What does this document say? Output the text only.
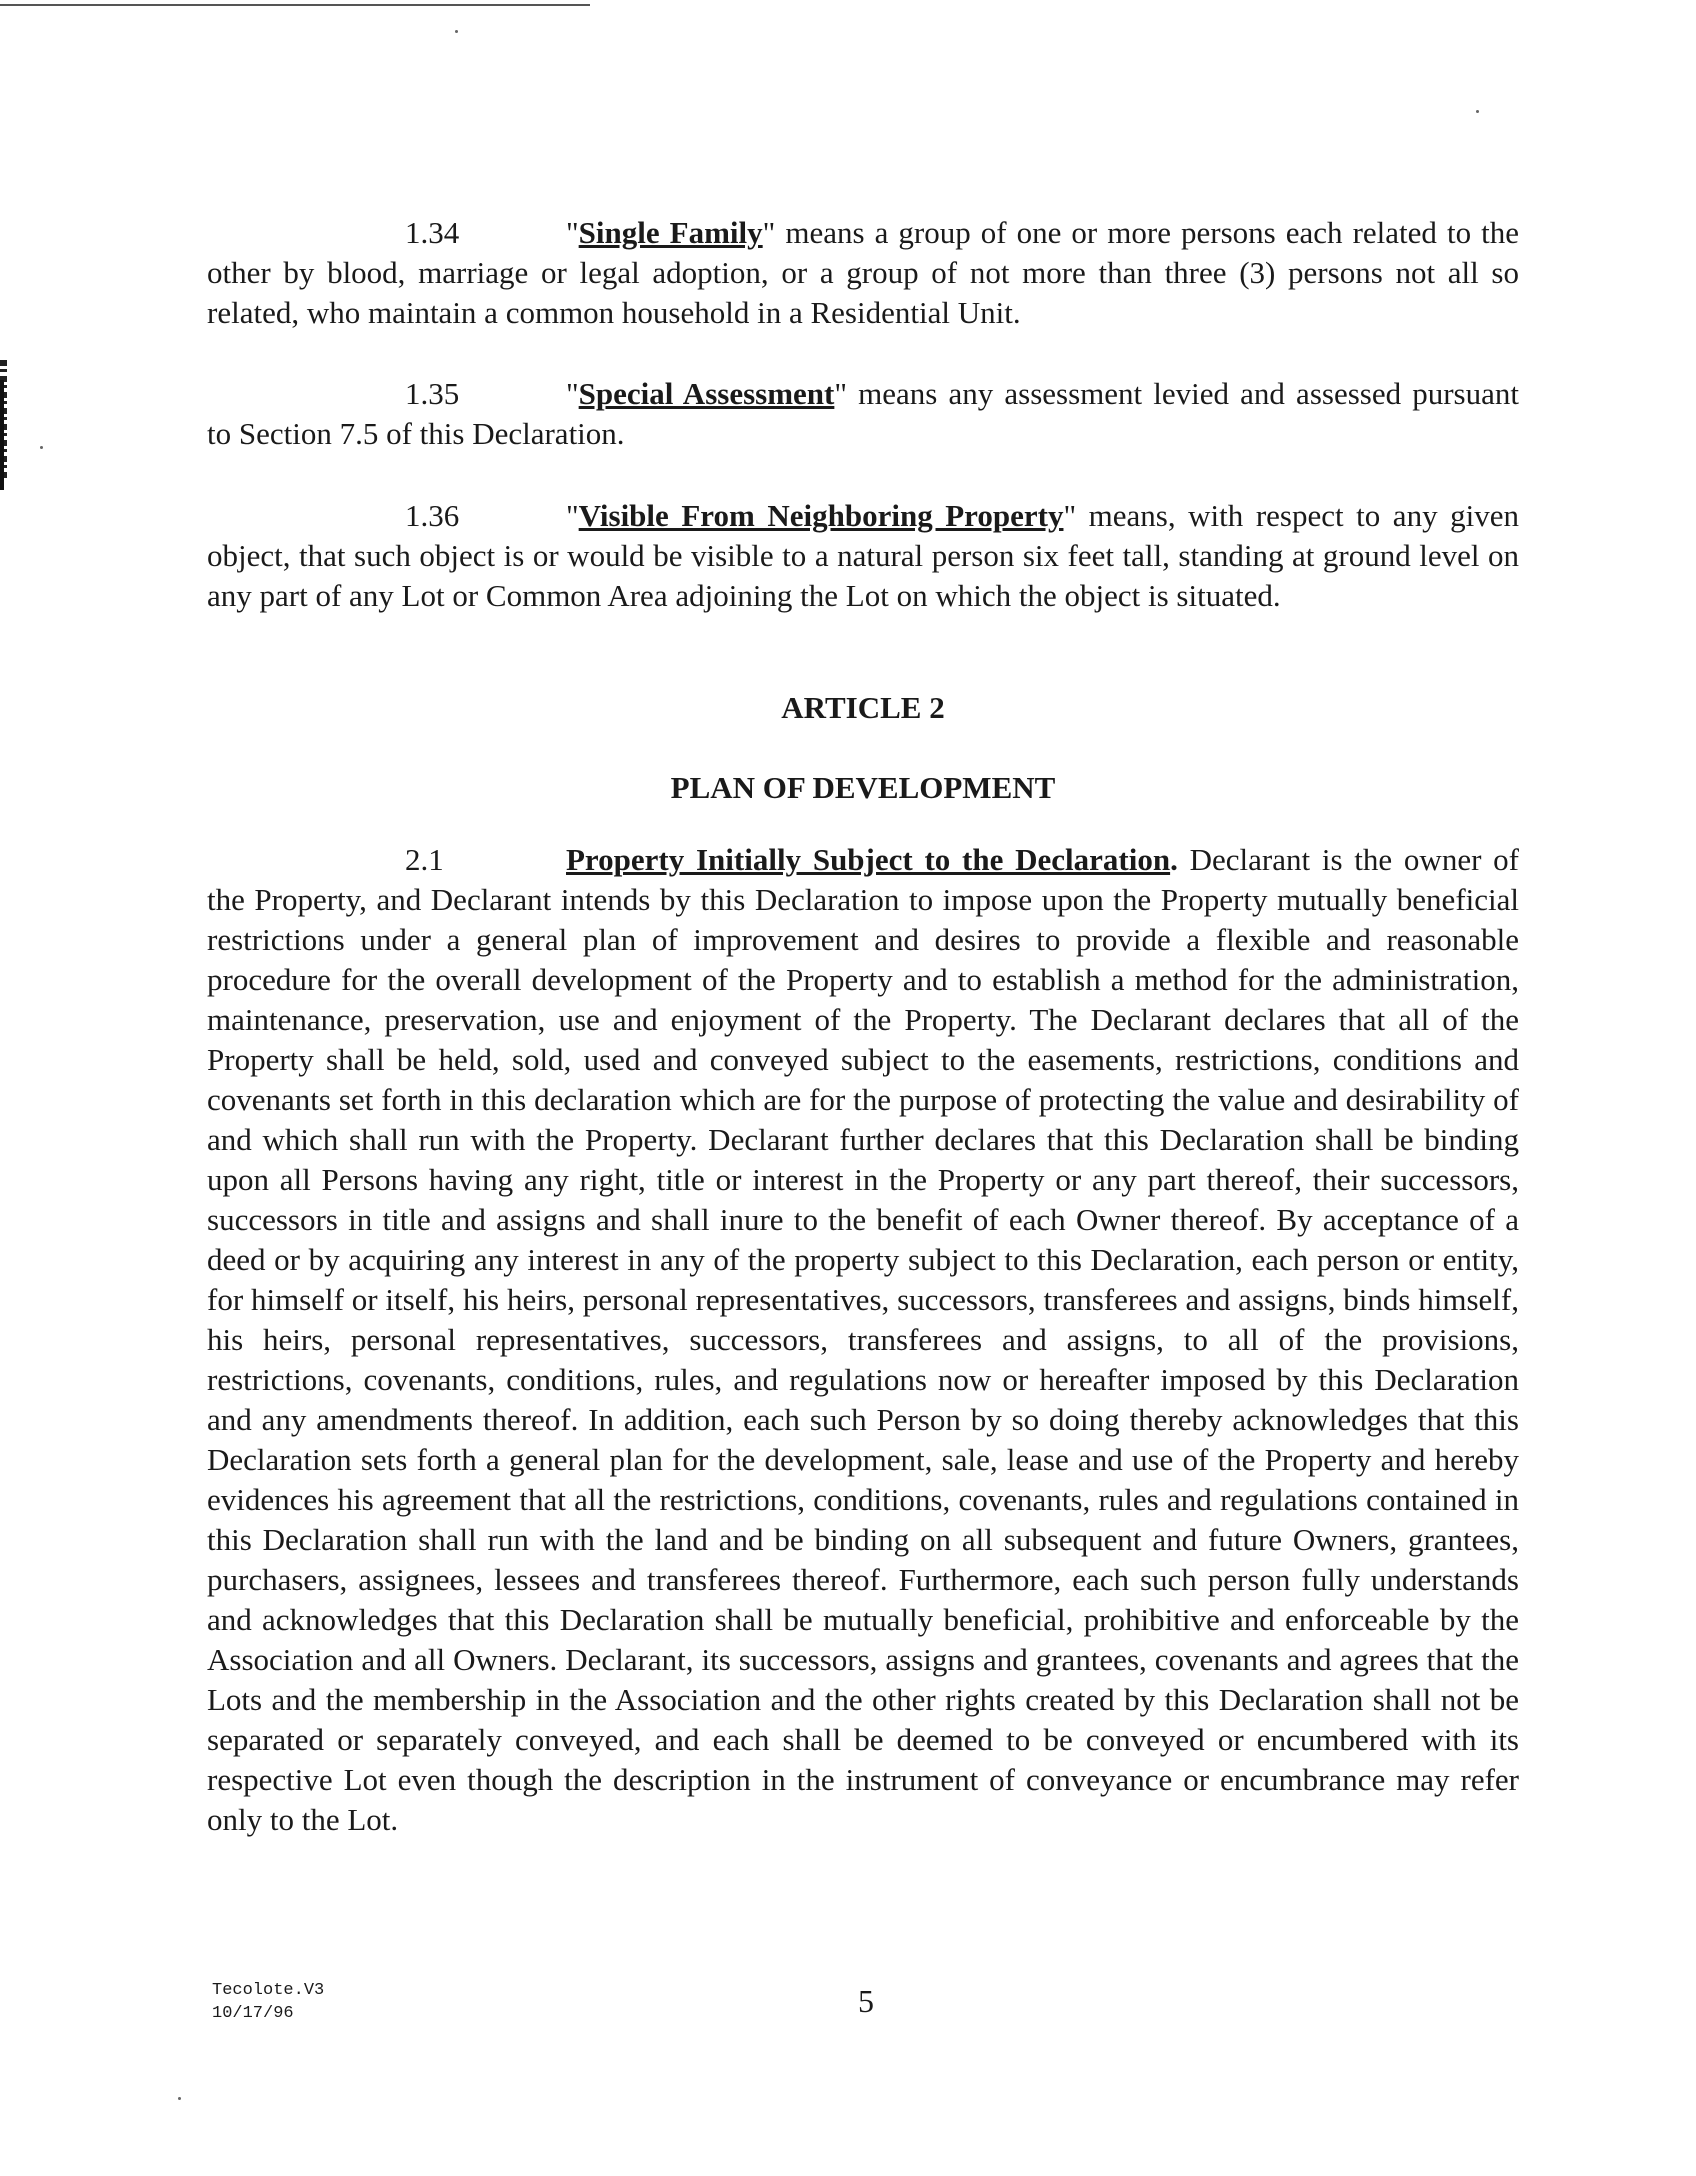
1.34	"Single Family" means a group of one or more persons each related to the other by blood, marriage or legal adoption, or a group of not more than three (3) persons not all so related, who maintain a common household in a Residential Unit.

1.35	"Special Assessment" means any assessment levied and assessed pursuant to Section 7.5 of this Declaration.

1.36	"Visible From Neighboring Property" means, with respect to any given object, that such object is or would be visible to a natural person six feet tall, standing at ground level on any part of any Lot or Common Area adjoining the Lot on which the object is situated.

ARTICLE 2

PLAN OF DEVELOPMENT

2.1	Property Initially Subject to the Declaration. Declarant is the owner of the Property, and Declarant intends by this Declaration to impose upon the Property mutually beneficial restrictions under a general plan of improvement and desires to provide a flexible and reasonable procedure for the overall development of the Property and to establish a method for the administration, maintenance, preservation, use and enjoyment of the Property. The Declarant declares that all of the Property shall be held, sold, used and conveyed subject to the easements, restrictions, conditions and covenants set forth in this declaration which are for the purpose of protecting the value and desirability of and which shall run with the Property. Declarant further declares that this Declaration shall be binding upon all Persons having any right, title or interest in the Property or any part thereof, their successors, successors in title and assigns and shall inure to the benefit of each Owner thereof. By acceptance of a deed or by acquiring any interest in any of the property subject to this Declaration, each person or entity, for himself or itself, his heirs, personal representatives, successors, transferees and assigns, binds himself, his heirs, personal representatives, successors, transferees and assigns, to all of the provisions, restrictions, covenants, conditions, rules, and regulations now or hereafter imposed by this Declaration and any amendments thereof. In addition, each such Person by so doing thereby acknowledges that this Declaration sets forth a general plan for the development, sale, lease and use of the Property and hereby evidences his agreement that all the restrictions, conditions, covenants, rules and regulations contained in this Declaration shall run with the land and be binding on all subsequent and future Owners, grantees, purchasers, assignees, lessees and transferees thereof. Furthermore, each such person fully understands and acknowledges that this Declaration shall be mutually beneficial, prohibitive and enforceable by the Association and all Owners. Declarant, its successors, assigns and grantees, covenants and agrees that the Lots and the membership in the Association and the other rights created by this Declaration shall not be separated or separately conveyed, and each shall be deemed to be conveyed or encumbered with its respective Lot even though the description in the instrument of conveyance or encumbrance may refer only to the Lot.

Tecolote.V3
10/17/96	5
